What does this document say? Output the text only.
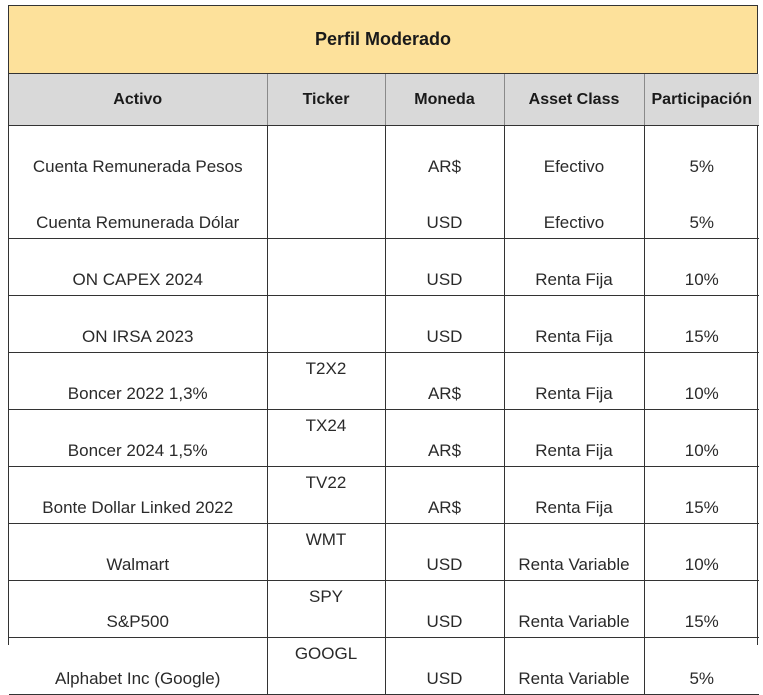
Perfil Moderado
Activo	Ticker	Moneda	Asset Class	Participación
Cuenta Remunerada Pesos		AR$	Efectivo	5%
Cuenta Remunerada Dólar		USD	Efectivo	5%
ON CAPEX 2024		USD	Renta Fija	10%
ON IRSA 2023		USD	Renta Fija	15%
Boncer 2022 1,3%	T2X2	AR$	Renta Fija	10%
Boncer 2024 1,5%	TX24	AR$	Renta Fija	10%
Bonte Dollar Linked 2022	TV22	AR$	Renta Fija	15%
Walmart	WMT	USD	Renta Variable	10%
S&P500	SPY	USD	Renta Variable	15%
Alphabet Inc (Google)	GOOGL	USD	Renta Variable	5%
